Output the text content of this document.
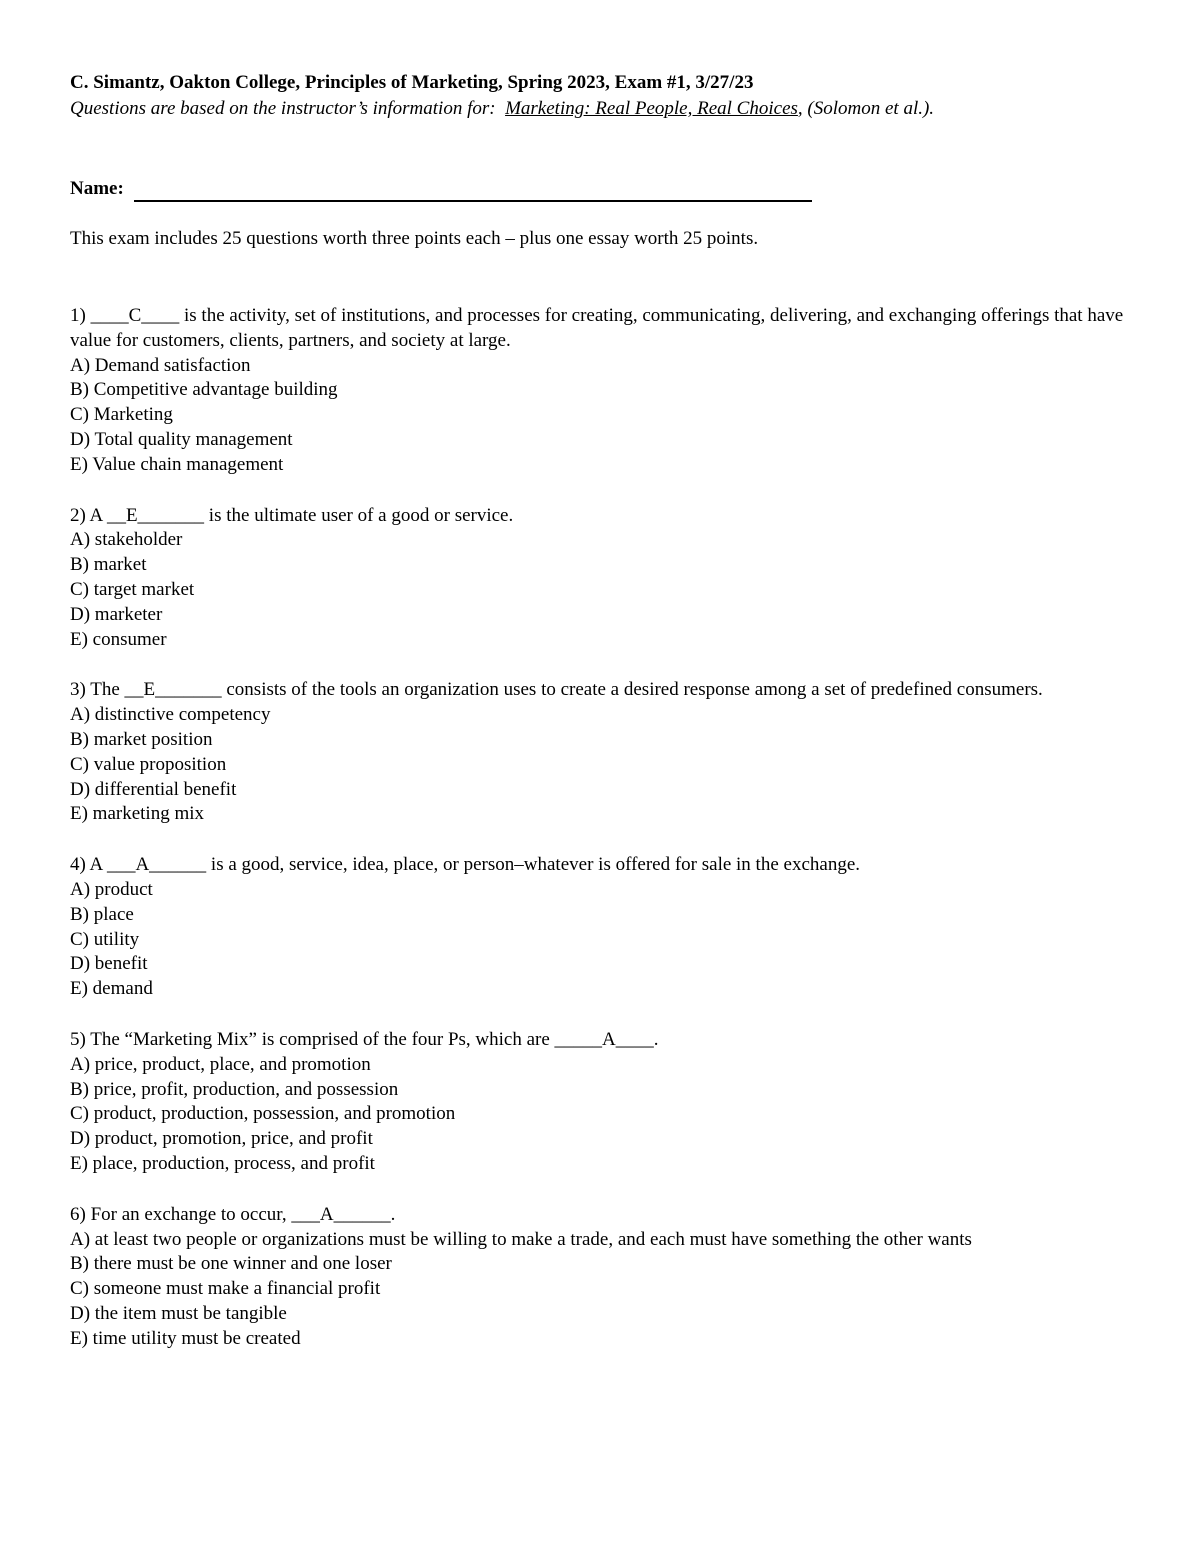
C. Simantz, Oakton College, Principles of Marketing, Spring 2023, Exam #1, 3/27/23
Questions are based on the instructor’s information for:  Marketing: Real People, Real Choices, (Solomon et al.).
Name:
This exam includes 25 questions worth three points each – plus one essay worth 25 points.
1) ____C____ is the activity, set of institutions, and processes for creating, communicating, delivering, and exchanging offerings that have value for customers, clients, partners, and society at large.
A) Demand satisfaction
B) Competitive advantage building
C) Marketing
D) Total quality management
E) Value chain management
2) A __E_______ is the ultimate user of a good or service.
A) stakeholder
B) market
C) target market
D) marketer
E) consumer
3) The __E_______ consists of the tools an organization uses to create a desired response among a set of predefined consumers.
A) distinctive competency
B) market position
C) value proposition
D) differential benefit
E) marketing mix
4) A ___A______ is a good, service, idea, place, or person–whatever is offered for sale in the exchange.
A) product
B) place
C) utility
D) benefit
E) demand
5) The “Marketing Mix” is comprised of the four Ps, which are _____A____.
A) price, product, place, and promotion
B) price, profit, production, and possession
C) product, production, possession, and promotion
D) product, promotion, price, and profit
E) place, production, process, and profit
6) For an exchange to occur, ___A______.
A) at least two people or organizations must be willing to make a trade, and each must have something the other wants
B) there must be one winner and one loser
C) someone must make a financial profit
D) the item must be tangible
E) time utility must be created
